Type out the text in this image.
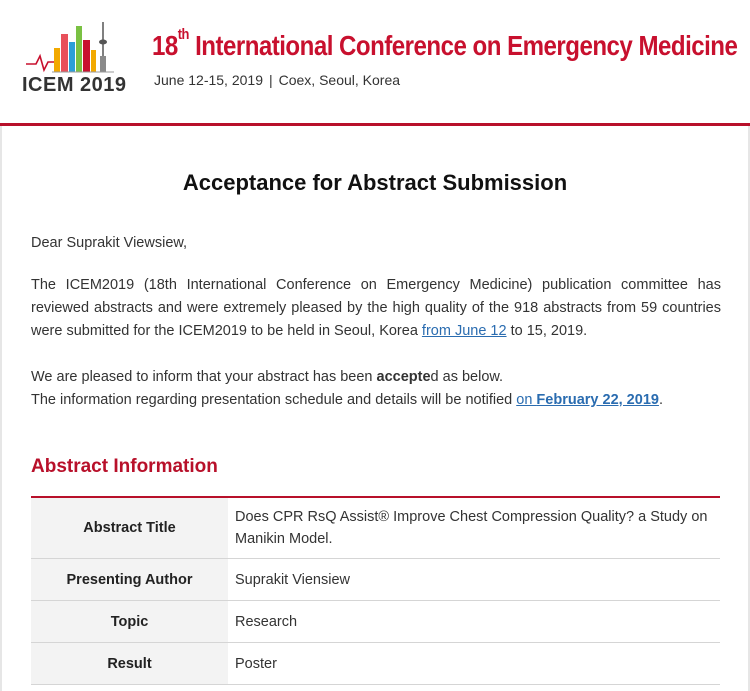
ICEM 2019
18th International Conference on Emergency Medicine
June 12-15, 2019 | Coex, Seoul, Korea
Acceptance for Abstract Submission
Dear Suprakit Viewsiew,
The ICEM2019 (18th International Conference on Emergency Medicine) publication committee has reviewed abstracts and were extremely pleased by the high quality of the 918 abstracts from 59 countries were submitted for the ICEM2019 to be held in Seoul, Korea from June 12 to 15, 2019.
We are pleased to inform that your abstract has been accepted as below.
The information regarding presentation schedule and details will be notified on February 22, 2019.
Abstract Information
Abstract Title	Does CPR RsQ Assist® Improve Chest Compression Quality? a Study on Manikin Model.
Presenting Author	Suprakit Viensiew
Topic	Research
Result	Poster
